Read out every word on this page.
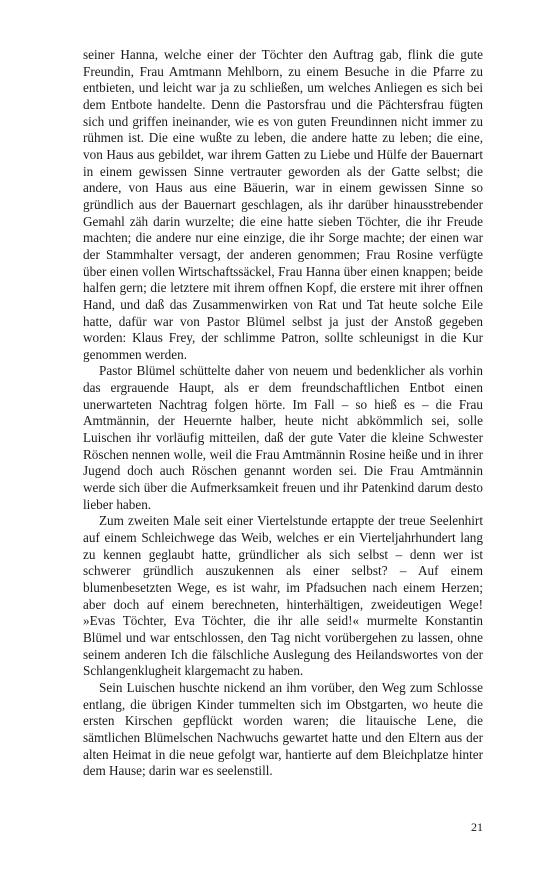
seiner Hanna, welche einer der Töchter den Auftrag gab, flink die gute Freundin, Frau Amtmann Mehlborn, zu einem Besuche in die Pfarre zu entbieten, und leicht war ja zu schließen, um welches Anliegen es sich bei dem Entbote handelte. Denn die Pastorsfrau und die Pächtersfrau fügten sich und griffen ineinander, wie es von guten Freundinnen nicht immer zu rühmen ist. Die eine wußte zu leben, die andere hatte zu leben; die eine, von Haus aus gebildet, war ihrem Gatten zu Liebe und Hülfe der Bauernart in einem gewissen Sinne vertrauter geworden als der Gatte selbst; die andere, von Haus aus eine Bäuerin, war in einem gewissen Sinne so gründlich aus der Bauernart geschlagen, als ihr darüber hinausstrebender Gemahl zäh darin wurzelte; die eine hatte sieben Töchter, die ihr Freude machten; die andere nur eine einzige, die ihr Sorge machte; der einen war der Stammhalter versagt, der anderen genommen; Frau Rosine verfügte über einen vollen Wirtschaftssäckel, Frau Hanna über einen knappen; beide halfen gern; die letztere mit ihrem offnen Kopf, die erstere mit ihrer offnen Hand, und daß das Zusammenwirken von Rat und Tat heute solche Eile hatte, dafür war von Pastor Blümel selbst ja just der Anstoß gegeben worden: Klaus Frey, der schlimme Patron, sollte schleunigst in die Kur genommen werden.

Pastor Blümel schüttelte daher von neuem und bedenklicher als vorhin das ergrauende Haupt, als er dem freundschaftlichen Entbot einen unerwarteten Nachtrag folgen hörte. Im Fall – so hieß es – die Frau Amtmännin, der Heuernte halber, heute nicht abkömmlich sei, solle Luischen ihr vorläufig mitteilen, daß der gute Vater die kleine Schwester Röschen nennen wolle, weil die Frau Amtmännin Rosine heiße und in ihrer Jugend doch auch Röschen genannt worden sei. Die Frau Amtmännin werde sich über die Aufmerksamkeit freuen und ihr Patenkind darum desto lieber haben.

Zum zweiten Male seit einer Viertelstunde ertappte der treue Seelenhirt auf einem Schleichwege das Weib, welches er ein Vierteljahrhundert lang zu kennen geglaubt hatte, gründlicher als sich selbst – denn wer ist schwerer gründlich auszukennen als einer selbst? – Auf einem blumenbesetzten Wege, es ist wahr, im Pfadsuchen nach einem Herzen; aber doch auf einem berechneten, hinterhältigen, zweideutigen Wege! »Evas Töchter, Eva Töchter, die ihr alle seid!« murmelte Konstantin Blümel und war entschlossen, den Tag nicht vorübergehen zu lassen, ohne seinem anderen Ich die fälschliche Auslegung des Heilandswortes von der Schlangenklugheit klargemacht zu haben.

Sein Luischen huschte nickend an ihm vorüber, den Weg zum Schlosse entlang, die übrigen Kinder tummelten sich im Obstgarten, wo heute die ersten Kirschen gepflückt worden waren; die litauische Lene, die sämtlichen Blümelschen Nachwuchs gewartet hatte und den Eltern aus der alten Heimat in die neue gefolgt war, hantierte auf dem Bleichplatze hinter dem Hause; darin war es seelenstill.

21
